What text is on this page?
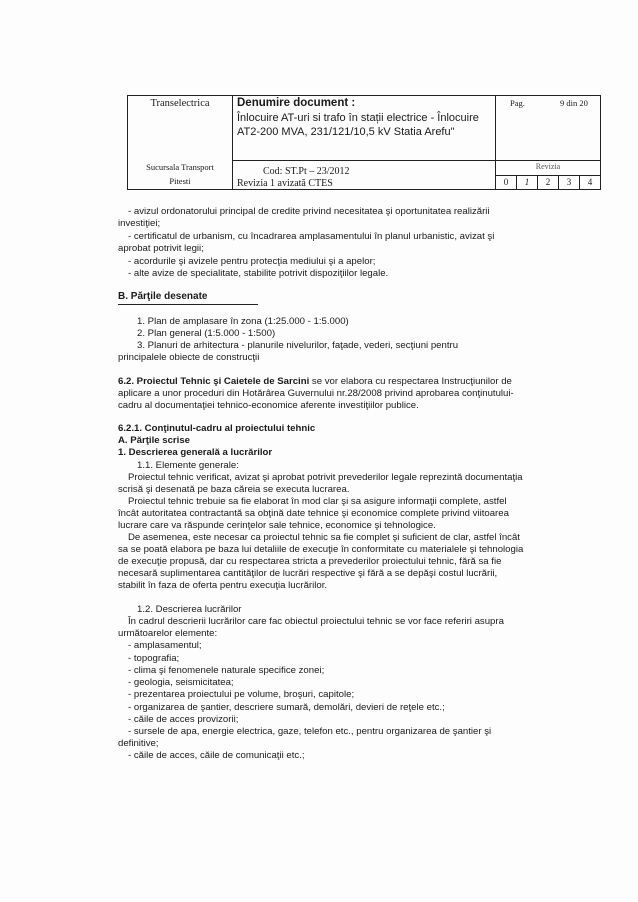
Transelectrica
Sucursala Transport
Pitesti
Denumire document :
Înlocuire AT-uri si trafo în stații electrice - Înlocuire AT2-200 MVA, 231/121/10,5 kV Statia Arefu"
Cod: ST.Pt – 23/2012
Revizia 1 avizată CTES
Pag.	9 din 20
Revizia
0	1	2	3	4
- avizul ordonatorului principal de credite privind necesitatea şi oportunitatea realizării
investiţiei;
- certificatul de urbanism, cu încadrarea amplasamentului în planul urbanistic, avizat şi
aprobat potrivit legii;
- acordurile şi avizele pentru protecţia mediului şi a apelor;
- alte avize de specialitate, stabilite potrivit dispoziţiilor legale.
B. Părţile desenate
1. Plan de amplasare în zona (1:25.000 - 1:5.000)
2. Plan general (1:5.000 - 1:500)
3. Planuri de arhitectura - planurile nivelurilor, faţade, vederi, secţiuni pentru
principalele obiecte de construcţii
6.2. Proiectul Tehnic şi Caietele de Sarcini se vor elabora cu respectarea Instrucţiunilor de
aplicare a unor proceduri din Hotărârea Guvernului nr.28/2008 privind aprobarea conţinutului-
cadru al documentaţiei tehnico-economice aferente investiţiilor publice.
6.2.1. Conţinutul-cadru al proiectului tehnic
A. Părţile scrise
1. Descrierea generală a lucrărilor
1.1. Elemente generale:
Proiectul tehnic verificat, avizat şi aprobat potrivit prevederilor legale reprezintă documentaţia
scrisă şi desenată pe baza căreia se executa lucrarea.
Proiectul tehnic trebuie sa fie elaborat în mod clar şi sa asigure informaţii complete, astfel
încât autoritatea contractantă sa obţină date tehnice şi economice complete privind viitoarea
lucrare care va răspunde cerinţelor sale tehnice, economice şi tehnologice.
De asemenea, este necesar ca proiectul tehnic sa fie complet şi suficient de clar, astfel încât
sa se poată elabora pe baza lui detaliile de execuţie în conformitate cu materialele şi tehnologia
de execuţie propusă, dar cu respectarea stricta a prevederilor proiectului tehnic, fără sa fie
necesară suplimentarea cantităţilor de lucrări respective şi fără a se depăşi costul lucrării,
stabilit în faza de oferta pentru execuţia lucrărilor.
1.2. Descrierea lucrărilor
În cadrul descrierii lucrărilor care fac obiectul proiectului tehnic se vor face referiri asupra
următoarelor elemente:
- amplasamentul;
- topografia;
- clima şi fenomenele naturale specifice zonei;
- geologia, seismicitatea;
- prezentarea proiectului pe volume, broşuri, capitole;
- organizarea de şantier, descriere sumară, demolări, devieri de reţele etc.;
- căile de acces provizorii;
- sursele de apa, energie electrica, gaze, telefon etc., pentru organizarea de şantier şi
definitive;
- căile de acces, căile de comunicaţii etc.;
